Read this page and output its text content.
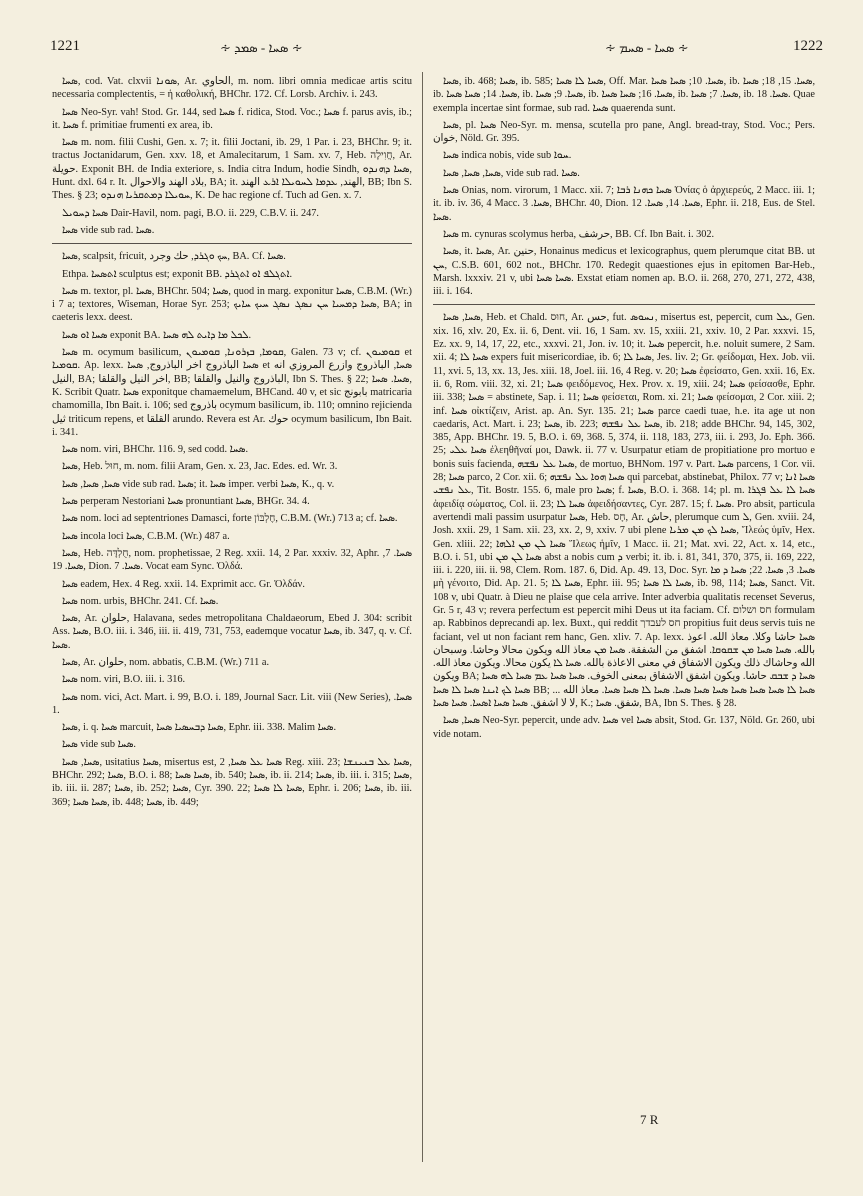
1221	∻ ܣܚܐ - ܣܡܕ ∻	∻ ܣܚܐ - ܣܚܡ ∻	1222

ܣܚܐ, cod. Vat. clxvii ܣܘܢܐ, Ar. الحاوي, m. nom. libri omnia medicae artis scitu necessaria complectentis, = ἡ καθολική, BHChr. 172. Cf. Lorsb. Archiv. i. 243.

ܣܚܐ Neo-Syr. vah! Stod. Gr. 144, sed ܣܚܐ f. ridica, Stod. Voc.; ܣܚܐ f. parus avis, ib.; it. ܣܚܐ f. primitiae frumenti ex area, ib.

ܣܚܐ m. nom. filii Cushi, Gen. x. 7; it. filii Joctani, ib. 29, 1 Par. i. 23, BHChr. 9; it. tractus Joctanidarum, Gen. xxv. 18, et Amalecitarum, 1 Sam. xv. 7, Heb. חֲוִילָה, Ar. حويلة. Exponit BH. de India exteriore, s. India citra Indum, hodie Sindh, ܣܚܐ ܕܗܢܕܘ, Hunt. dxl. 64 r. It. بلاد الهند والاحوال, BA; it. الهند, ܥܕܡܐ ܠܚܘܝܠܐ ܐܪܥ الهند, BB; Ibn S. Thes. § 23; ܚܘܝܠܐ ܕܡܬܩܪܝܐ ܗܢܕܘ, K. De hac regione cf. Tuch ad Gen. x. 7.

ܣܚܐ ܕܚܘܝܠ Dair-Havil, nom. pagi, B.O. ii. 229, C.B.V. ii. 247.

ܣܚܐ vide sub rad. ܣܚܐ.

ܣܚܐ, scalpsit, fricuit, ܚܟ ܘܓܪܕ, حك وجرد, BA. Cf. ܣܚܐ.

Ethpa. ܐܬܣܚܐ sculptus est; exponit BB. ܐܬܓܠܦ ܐܘ ܐܬܓܪܕ.

ܣܚܐ m. textor, pl. ܣܚܐ, BHChr. 504; ܣܚܐ, quod in marg. exponitur ܣܚܐ, C.B.M. (Wr.) i 7 a; textores, Wiseman, Horae Syr. 253; ܣܚܐ ܕܡܚܝܐ ܚܢ ܢܣܓ ܢܣܓ ܚܝܟ ܚܐܝܟ, BA; in caeteris lexx. deest.

ܣܚܐ ܐܘ ܣܚܐ exponit BA. ܠܟܠ ܡܐ ܕܐܝܬ ܠܗ ܣܚܐ.

ܣܚܐ m. ocymum basilicum, ܩܘܡܐ, ܒܙܪܘܢܐ, ܩܘܡܝܘܢ, Galen. 73 v; cf. ܩܘܡܝܘܢ et ܩܘܡܝܐ. Ap. lexx. ܣܚܐ الباذروج اخر الباذروج, ܣܚܐ et ܣܚܐ, الباذروج وازرع المروزي انه النيل, BA; اخر النيل والقلقا, BB; الباذروج والنيل والقلقا, Ibn S. Thes. § 22; ܣܚܐ. ܣܚܐ, K. Scribit Quatr. ܣܚܐ exponitque chamaemelum, BHCand. 40 v, et sic بابونج matricaria chamomilla, Ibn Bait. i. 106; sed باذروج ocymum basilicum, ib. 110; omnino rejicienda ثيل triticum repens, et القلقا arundo. Revera est Ar. حوك ocymum basilicum, Ibn Bait. i. 341.

ܣܚܐ nom. viri, BHChr. 116. 9, sed codd. ܣܚܐ.

ܣܚܐ, Heb. חוּל, m. nom. filii Aram, Gen. x. 23, Jac. Edes. ed. Wr. 3.

ܣܚܐ, ܣܚܐ, ܣܚܐ vide sub rad. ܣܚܐ; it. ܣܚܐ imper. verbi ܣܚܐ, K., q. v.

ܣܚܐ perperam Nestoriani ܣܚܐ pronuntiant ܣܚܐ, BHGr. 34. 4.

ܣܚܐ nom. loci ad septentriones Damasci, forte חֶלְבּוֹן, C.B.M. (Wr.) 713 a; cf. ܣܚܐ.

ܣܚܐ incola loci ܣܚܐ, C.B.M. (Wr.) 487 a.

ܣܚܐ, Heb. חֻלְדָּה, nom. prophetissae, 2 Reg. xxii. 14, 2 Par. xxxiv. 32, Aphr. ܣܚܐ. 7, ܣܚܐ. 19, Dion. ܣܚܐ. 7. Vocat eam Sync. Ὀλδά.

ܣܚܐ eadem, Hex. 4 Reg. xxii. 14. Exprimit acc. Gr. Ὀλδάν.

ܣܚܐ nom. urbis, BHChr. 241. Cf. ܣܚܐ.

ܣܚܐ, Ar. حلوان, Halavana, sedes metropolitana Chaldaeorum, Ebed J. 304: scribit Ass. ܣܚܐ, B.O. iii. i. 346, iii. ii. 419, 731, 753, eademque vocatur ܣܚܐ, ib. 347, q. v. Cf. ܣܚܐ.

ܣܚܐ, Ar. حلوان, nom. abbatis, C.B.M. (Wr.) 711 a.

ܣܚܐ nom. viri, B.O. iii. i. 316.

ܣܚܐ nom. vici, Act. Mart. i. 99, B.O. i. 189, Journal Sacr. Lit. viii (New Series), ܣܚܐ. 1.

ܣܚܐ, i. q. ܣܚܐ marcuit, ܣܚܐ ܕܒܚܣܝܐ ܣܚܐ, Ephr. iii. 338. Malim ܣܚܐ.

ܣܚܐ vide sub ܣܚܐ.

ܣܚܐ, ܣܚܐ, usitatius ܣܚܐ, misertus est, ܣܚܐ ܥܠ ܣܚܐ, 2 Reg. xiii. 23; ܣܚܐ ܥܠ ܒܢܝܢܫܐ, BHChr. 292; ܣܚܐ, B.O. i. 88; ܣܚܐ ܣܚܐ, ib. 540; ܣܚܐ, ib. ii. 214; ܣܚܐ, ib. iii. i. 315; ܣܚܐ, ib. iii. ii. 287; ܣܚܐ, ib. 252; ܣܚܐ, Cyr. 390. 22; ܣܚܐ ܠܐ ܣܚܐ, Ephr. i. 206; ܣܚܐ, ib. iii. 369; ܣܚܐ ܣܚܐ, ib. 448; ܣܚܐ, ib. 449;

ܣܚܐ, ib. 468; ܣܚܐ, ib. 585; ܣܚܐ ܠܐ ܣܚܐ, Off. Mar. ܣܚܐ. 10; ܣܚܐ ܣܚܐ, ib. ܣܚܐ. 15, 18; ܣܚܐ, ib. ܣܚܐ. 14; ܣܚܐ ܣܚܐ, ib. ܣܚܐ. 9; ܣܚܐ, ib. ܣܚܐ. 16; ܣܚܐ ܣܚܐ, ib. ܣܚܐ. 7; ܣܚܐ, ib. ܣܚܐ. 18. Quae exempla incertae sint formae, sub rad. ܣܚܐ quaerenda sunt.

ܣܚܐ, pl. ܣܚܐ Neo-Syr. m. mensa, scutella pro pane, Angl. bread-tray, Stod. Voc.; Pers. خوان, Nöld. Gr. 395.

ܣܚܐ indica nobis, vide sub ܚܘܐ.

ܣܚܐ, ܣܚܐ, ܣܚܐ, vide sub rad. ܣܚܐ.

ܣܚܐ Onias, nom. virorum, 1 Macc. xii. 7; ܣܚܐ ܟܗܢܐ ܪܒܐ Ὀνίας ὁ ἀρχιερεύς, 2 Macc. iii. 1; it. ib. iv. 36, 4 Macc. ܣܚܐ. 3, BHChr. 40, Dion. ܣܚܐ. 14, ܣܚܐ. 12, Ephr. ii. 218, Eus. de Stel. ܣܚܐ.

ܣܚܐ m. cynuras scolymus herba, حرشف, BB. Cf. Ibn Bait. i. 302.

ܣܚܐ, it. ܣܚܐ, Ar. حنين, Honainus medicus et lexicographus, quem plerumque citat BB. ut ܚܢ, C.S.B. 601, 602 not., BHChr. 170. Redegit quaestiones ejus in epitomen Bar-Heb., Marsh. lxxxiv. 21 v, ubi ܣܚܐ ܣܚܐ. Exstat etiam nomen ap. B.O. ii. 268, 270, 271, 272, 438, iii. i. 164.

ܣܚܐ, ܣܚܐ, Heb. et Chald. חוּס, Ar. حس, fut. ܢܚܘܣ, misertus est, pepercit, cum ܥܠ, Gen. xix. 16, xlv. 20, Ex. ii. 6, Dent. vii. 16, 1 Sam. xv. 15, xxiii. 21, xxiv. 10, 2 Par. xxxvi. 15, Ez. xx. 9, 14, 17, 22, etc., xxxvi. 21, Jon. iv. 10; it. ܣܚܐ pepercit, h.e. noluit sumere, 2 Sam. xii. 4; ܣܚܐ ܠܐ expers fuit misericordiae, ib. 6; ܣܚܐ ܠܐ, Jes. liv. 2; Gr. φείδομαι, Hex. Job. vii. 11, xvi. 5, 13, xx. 13, Jes. xiii. 18, Joel. iii. 16, 4 Reg. v. 20; ܣܚܐ ἐφείσατο, Gen. xxii. 16, Ex. ii. 6, Rom. viii. 32, xi. 21; ܣܚܐ φειδόμενος, Hex. Prov. x. 19, xiii. 24; ܣܚܐ φείσασθε, Ephr. iii. 338; ܣܚܐ = abstinete, Sap. i. 11; ܣܚܐ φείσεται, Rom. xi. 21; ܣܚܐ φείσομαι, 2 Cor. xiii. 2; inf. ܣܚܐ οἰκτίζειν, Arist. ap. An. Syr. 135. 21; ܣܚܐ parce caedi tuae, h.e. ita age ut non caedaris, Act. Mart. i. 23; ܣܚܐ, ib. 223; ܣܚܐ ܥܠ ܢܦܫܗ, ib. 218; adde BHChr. 94, 145, 302, 385, App. BHChr. 19. 5, B.O. i. 69, 368. 5, 374, ii. 118, 183, 273, iii. i. 293, Jo. Eph. 366. 25; ܣܚܐ ܥܠܝ ἐλεηθῆναί μοι, Dawk. ii. 77 v. Usurpatur etiam de propitiatione pro mortuo e bonis suis facienda, ܣܚܐ ܥܠ ܢܦܫܗ, de mortuo, BHNom. 197 v. Part. ܣܚܐ parcens, 1 Cor. vii. 28; ܣܚܐ parco, 2 Cor. xii. 6; ܣܚܐ ܗܘܐ ܥܠ ܢܦܫܗ qui parcebat, abstinebat, Philox. 77 v; ܣܚܐ ܐܢܐ ܥܠ ܢܦܫܝ, Tit. Bostr. 155. 6, male pro ܣܚܐ; f. ܣܚܐ, B.O. i. 368. 14; pl. m. ܣܚܐ ܠܐ ܥܠ ܦܓܪܐ ἀφειδίᾳ σώματος, Col. ii. 23; ܣܚܐ ܠܐ ἀφειδήσαντες, Cyr. 287. 15; f. ܣܚܐ. Pro absit, particula avertendi mali passim usurpatur ܣܚܐ, Heb. חָס, Ar. حاش, plerumque cum ܠ, Gen. xviii. 24, Josh. xxii. 29, 1 Sam. xii. 23, xx. 2, 9, xxiv. 7 ubi plene ܣܚܐ ܠܟ ܡܢ ܡܪܝܐ, Ἵλεώς ὑμῖν, Hex. Gen. xliii. 22; ܣܚܐ ܠܢ ܡܢ ܐܠܗܐ Ἵλεως ἡμῖν, 1 Macc. ii. 21; Mat. xvi. 22, Act. x. 14, etc., B.O. i. 51, ubi ܣܚܐ ܠܢ ܡܢ abst a nobis cum ܕ verbi; it. ib. i. 81, 341, 370, 375, ii. 169, 222, iii. i. 220, iii. ii. 98, Clem. Rom. 187. 6, Did. Ap. 49. 13, Doc. Syr. ܣܚܐ. 3, ܣܚܐ. 22; ܣܚܐ ܕ ܡܐ μὴ γένοιτο, Did. Ap. 21. 5; ܣܚܐ ܠܐ, Ephr. iii. 95; ܣܚܐ ܠܐ ܣܚܐ, ib. 98, 114; ܣܚܐ, Sanct. Vit. 108 v, ubi Quatr. à Dieu ne plaise que cela arrive. Inter adverbia qualitatis recenset Severus, Gr. 5 r, 43 v; revera perfectum est pepercit mihi Deus ut ita faciam. Cf. חס ושלום formulam ap. Rabbinos deprecandi ap. lex. Buxt., qui reddit חס לעבדך propitius fuit deus servis tuis ne faciant, vel ut non faciant rem hanc, Gen. xliv. 7. Ap. lexx. ܣܚܐ حاشا وكلا. معاذ الله. اعوذ بالله. ܣܚܐ ܣܚܐ ܡܢ ܫܩܘܩܐ. اشفق من الشفقة. ܣܚܐ ܡܢ معاذ الله ويكون محالا وحاشا. وسبحان الله وحاشاك ذلك ويكون الاشفاق في معنى الاعاذة بالله. ܣܚܐ ܠܐ يكون محالا. ويكون معاذ الله. ويكون BA; ܣܚܐ ܕ ܫܒܩ حاشا. ويكون اشفق الاشفاق بمعنى الخوف. ܣܚܐ ܣܚܐ ܥܡ ܣܚܐ ܠܗ ܣܚܐ ܣܚܐ ܠܟ ܐܝܢܐ ܣܚܐ ܠܐ ܣܚܐ BB; ܣܚܐ ܠܐ ܣܚܐ ܣܚܐ ܣܚܐ ܣܚܐ ܣܚܐ ܣܚܐ. ܣܚܐ ܠܐ ܣܚܐ ܣܚܐ. معاذ الله ... لا لا اشفق. ܣܚܐ ܣܚܐ ܐܣܚܐ. ܣܚܐ ܣܚܐ, K.; شفق. ܣܚܐ, BA, Ibn S. Thes. § 28.

ܣܚܐ, ܣܚܐ Neo-Syr. pepercit, unde adv. ܣܚܐ vel ܣܚܐ absit, Stod. Gr. 137, Nöld. Gr. 260, ubi vide notam.

7 R
